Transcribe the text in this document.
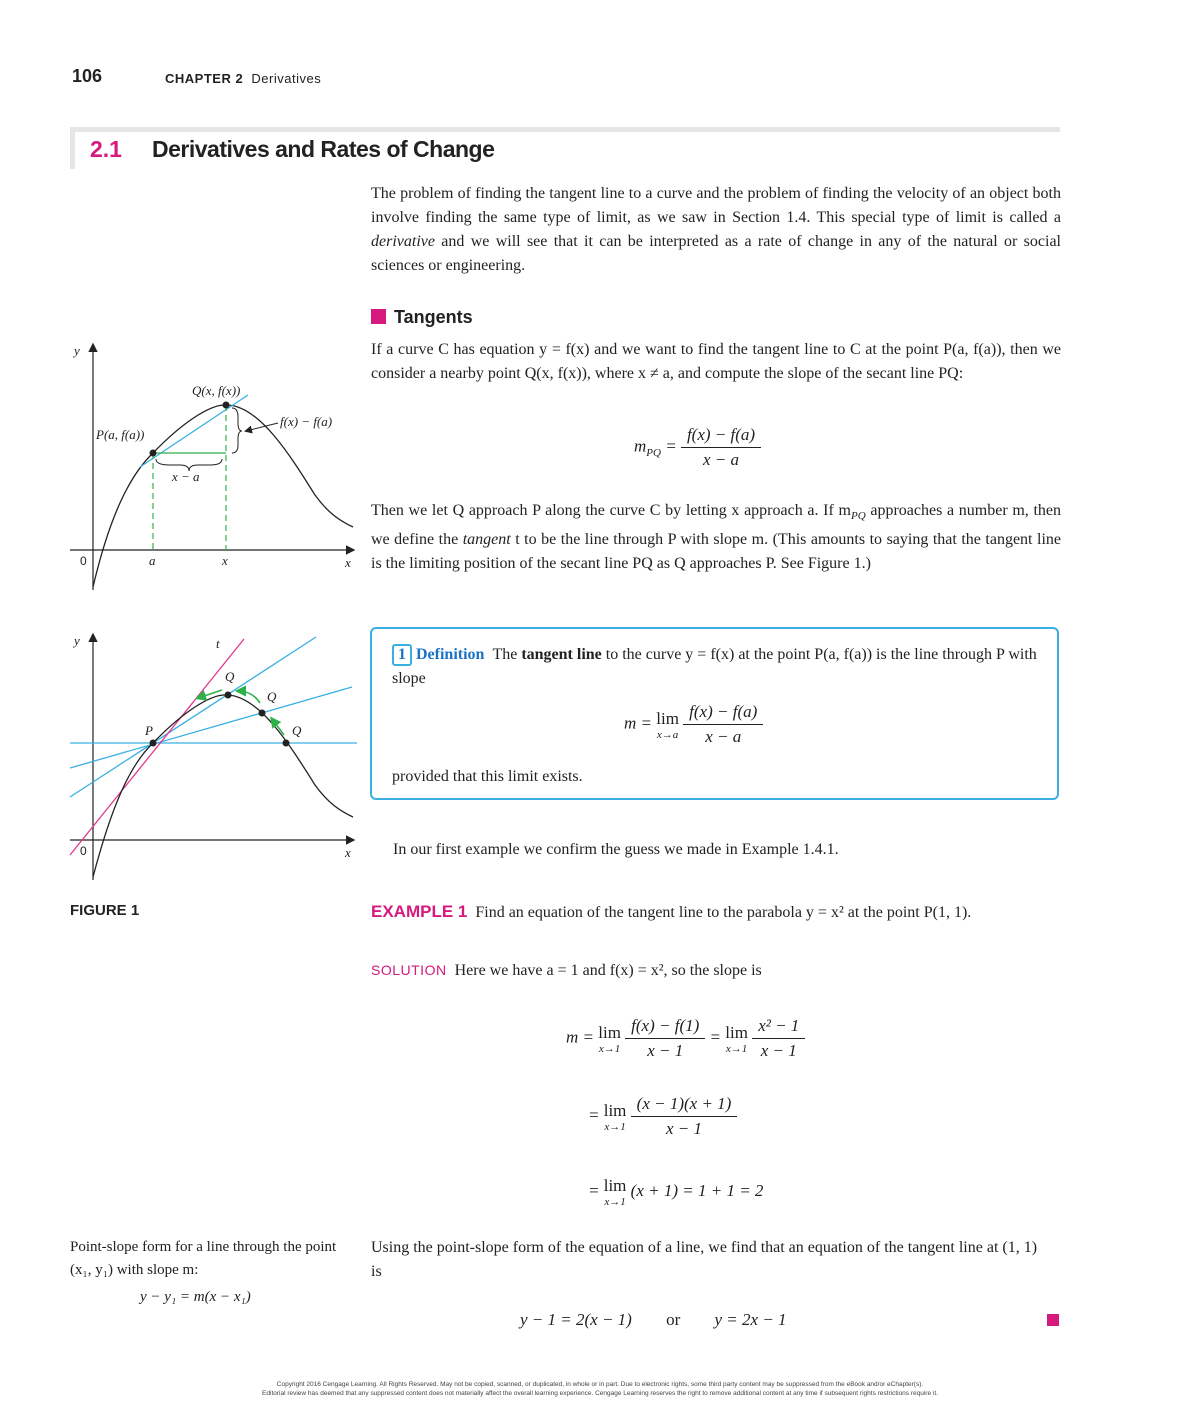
106	CHAPTER 2 Derivatives
2.1 Derivatives and Rates of Change
The problem of finding the tangent line to a curve and the problem of finding the velocity of an object both involve finding the same type of limit, as we saw in Section 1.4. This special type of limit is called a derivative and we will see that it can be interpreted as a rate of change in any of the natural or social sciences or engineering.
Tangents
If a curve C has equation y = f(x) and we want to find the tangent line to C at the point P(a, f(a)), then we consider a nearby point Q(x, f(x)), where x ≠ a, and compute the slope of the secant line PQ:
$m_{PQ} = \frac{f(x) - f(a)}{x - a}$
Then we let Q approach P along the curve C by letting x approach a. If $m_{PQ}$ approaches a number m, then we define the tangent t to be the line through P with slope m. (This amounts to saying that the tangent line is the limiting position of the secant line PQ as Q approaches P. See Figure 1.)
1 Definition The tangent line to the curve y = f(x) at the point P(a, f(a)) is the line through P with slope
m = lim
x→a
$\frac{f(x) - f(a)}{x - a}$
provided that this limit exists.
In our first example we confirm the guess we made in Example 1.4.1.
FIGURE 1	EXAMPLE 1 Find an equation of the tangent line to the parabola y = x² at the point P(1, 1).
SOLUTION Here we have a = 1 and f(x) = x², so the slope is
m = lim
x→1
$\frac{f(x) - f(1)}{x - 1} = \lim$
x→1
$\frac{\text{x² − 1}}{x - 1}$
= lim
x→1
$\frac{(x - 1)(x + 1)}{x - 1}$
= lim
x→1
(x + 1) = 1 + 1 = 2
Using the point-slope form of the equation of a line, we find that an equation of the tangent line at (1, 1) is
y − 1 = 2(x − 1) or y = 2x − 1
Point-slope form for a line through the point (x₁, y₁) with slope m:
y − y₁ = m(x − x₁)
y
x
0	a	x
Q(x, f(x))
P(a, f(a))
f(x) − f(a)
x − a
y
x
0
t
P
Q
Q
Q
Copyright 2016 Cengage Learning. All Rights Reserved. May not be copied, scanned, or duplicated, in whole or in part. Due to electronic rights, some third party content may be suppressed from the eBook and/or eChapter(s).
Editorial review has deemed that any suppressed content does not materially affect the overall learning experience. Cengage Learning reserves the right to remove additional content at any time if subsequent rights restrictions require it.
